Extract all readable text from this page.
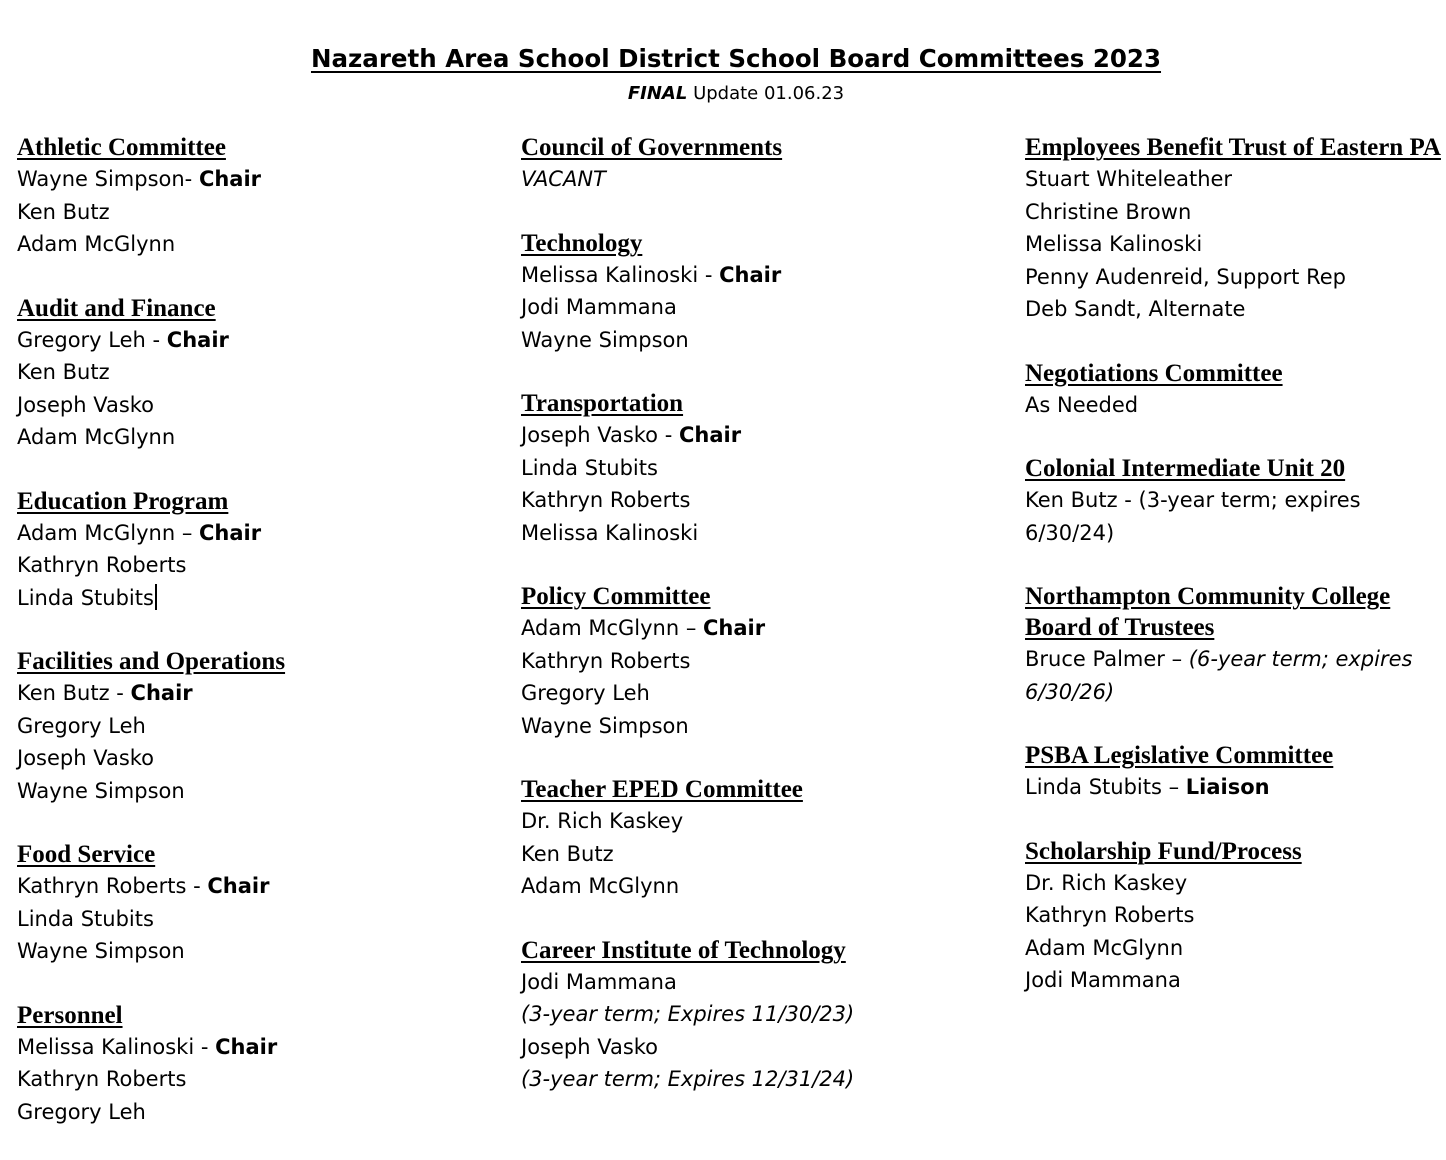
Nazareth Area School District School Board Committees 2023
FINAL Update 01.06.23
Athletic Committee
Wayne Simpson- Chair
Ken Butz
Adam McGlynn
Audit and Finance
Gregory Leh - Chair
Ken Butz
Joseph Vasko
Adam McGlynn
Education Program
Adam McGlynn – Chair
Kathryn Roberts
Linda Stubits
Facilities and Operations
Ken Butz - Chair
Gregory Leh
Joseph Vasko
Wayne Simpson
Food Service
Kathryn Roberts - Chair
Linda Stubits
Wayne Simpson
Personnel
Melissa Kalinoski - Chair
Kathryn Roberts
Gregory Leh
Council of Governments
VACANT
Technology
Melissa Kalinoski - Chair
Jodi Mammana
Wayne Simpson
Transportation
Joseph Vasko - Chair
Linda Stubits
Kathryn Roberts
Melissa Kalinoski
Policy Committee
Adam McGlynn – Chair
Kathryn Roberts
Gregory Leh
Wayne Simpson
Teacher EPED Committee
Dr. Rich Kaskey
Ken Butz
Adam McGlynn
Career Institute of Technology
Jodi Mammana
(3-year term; Expires 11/30/23)
Joseph Vasko
(3-year term; Expires 12/31/24)
Employees Benefit Trust of Eastern PA
Stuart Whiteleather
Christine Brown
Melissa Kalinoski
Penny Audenreid, Support Rep
Deb Sandt, Alternate
Negotiations Committee
As Needed
Colonial Intermediate Unit 20
Ken Butz - (3-year term; expires 6/30/24)
Northampton Community College Board of Trustees
Bruce Palmer – (6-year term; expires 6/30/26)
PSBA Legislative Committee
Linda Stubits – Liaison
Scholarship Fund/Process
Dr. Rich Kaskey
Kathryn Roberts
Adam McGlynn
Jodi Mammana
